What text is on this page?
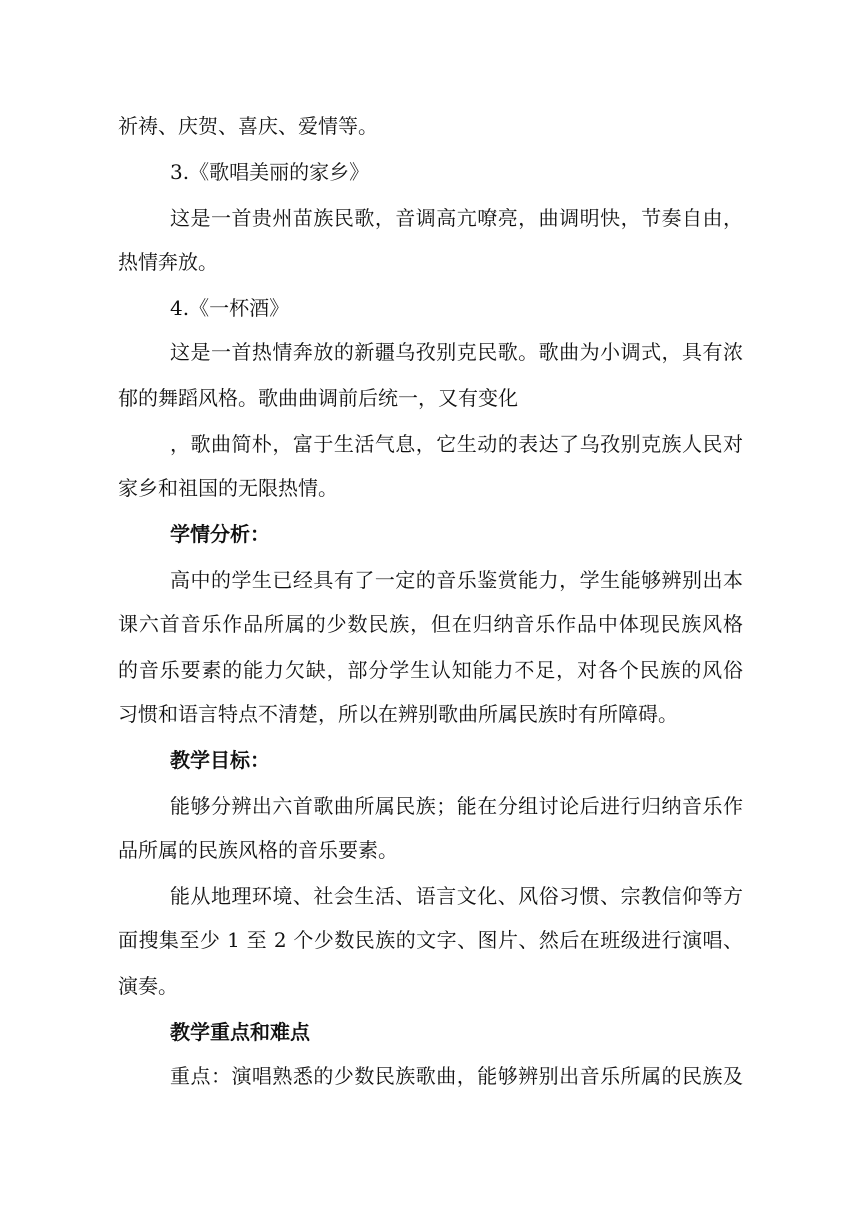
祈祷、庆贺、喜庆、爱情等。
3.《歌唱美丽的家乡》
这是一首贵州苗族民歌，音调高亢嘹亮，曲调明快，节奏自由，
热情奔放。
4.《一杯酒》
这是一首热情奔放的新疆乌孜别克民歌。歌曲为小调式，具有浓
郁的舞蹈风格。歌曲曲调前后统一，又有变化
，歌曲简朴，富于生活气息，它生动的表达了乌孜别克族人民对
家乡和祖国的无限热情。
学情分析：
高中的学生已经具有了一定的音乐鉴赏能力，学生能够辨别出本
课六首音乐作品所属的少数民族，但在归纳音乐作品中体现民族风格
的音乐要素的能力欠缺，部分学生认知能力不足，对各个民族的风俗
习惯和语言特点不清楚，所以在辨别歌曲所属民族时有所障碍。
教学目标：
能够分辨出六首歌曲所属民族；能在分组讨论后进行归纳音乐作
品所属的民族风格的音乐要素。
能从地理环境、社会生活、语言文化、风俗习惯、宗教信仰等方
面搜集至少 1 至 2 个少数民族的文字、图片、然后在班级进行演唱、
演奏。
教学重点和难点
重点：演唱熟悉的少数民族歌曲，能够辨别出音乐所属的民族及
